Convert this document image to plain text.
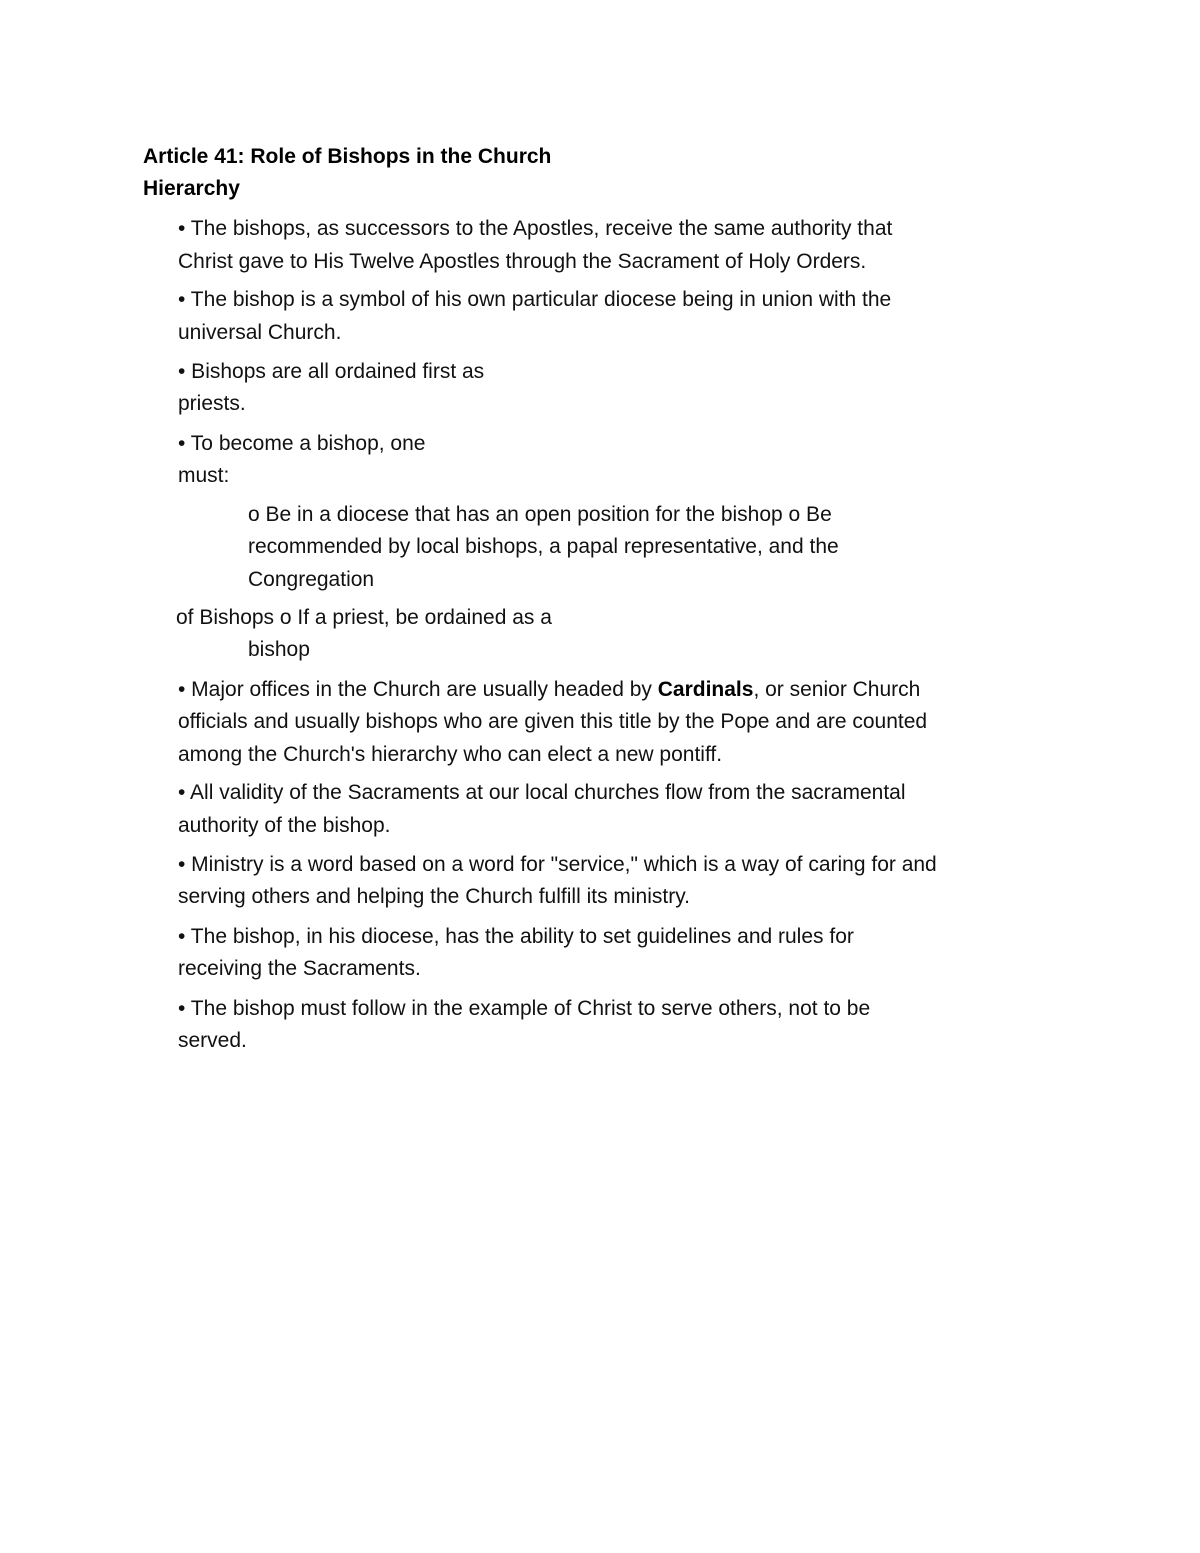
Article 41: Role of Bishops in the Church
Hierarchy
• The bishops, as successors to the Apostles, receive the same authority that
Christ gave to His Twelve Apostles through the Sacrament of Holy Orders.
• The bishop is a symbol of his own particular diocese being in union with the
universal Church.
• Bishops are all ordained first as
priests.
• To become a bishop, one
must:
o Be in a diocese that has an open position for the bishop o Be
recommended by local bishops, a papal representative, and the
Congregation
of Bishops o If a priest, be ordained as a
bishop
• Major offices in the Church are usually headed by Cardinals, or senior Church
officials and usually bishops who are given this title by the Pope and are counted
among the Church's hierarchy who can elect a new pontiff.
• All validity of the Sacraments at our local churches flow from the sacramental
authority of the bishop.
• Ministry is a word based on a word for "service," which is a way of caring for and
serving others and helping the Church fulfill its ministry.
• The bishop, in his diocese, has the ability to set guidelines and rules for
receiving the Sacraments.
• The bishop must follow in the example of Christ to serve others, not to be
served.
